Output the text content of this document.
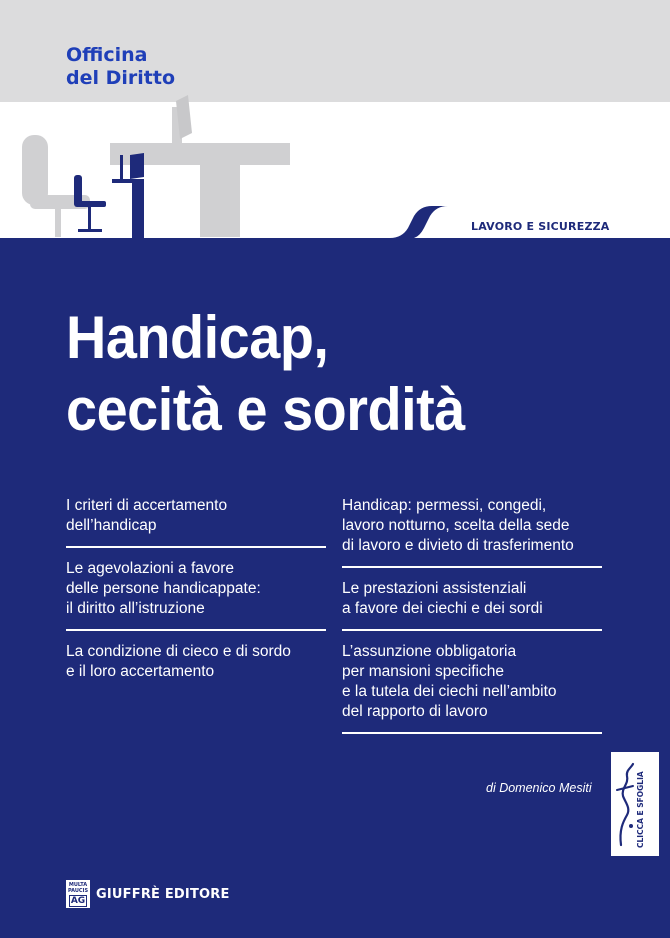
Officina
del Diritto
LAVORO E SICUREZZA
Handicap,
cecità e sordità
I criteri di accertamento
dell’handicap
Le agevolazioni a favore
delle persone handicappate:
il diritto all’istruzione
La condizione di cieco e di sordo
e il loro accertamento
Handicap: permessi, congedi,
lavoro notturno, scelta della sede
di lavoro e divieto di trasferimento
Le prestazioni assistenziali
a favore dei ciechi e dei sordi
L’assunzione obbligatoria
per mansioni specifiche
e la tutela dei ciechi nell’ambito
del rapporto di lavoro
di Domenico Mesiti	CLICCA E SFOGLIA
MULTA
PAUCIS
AG GIUFFRÈ EDITORE
